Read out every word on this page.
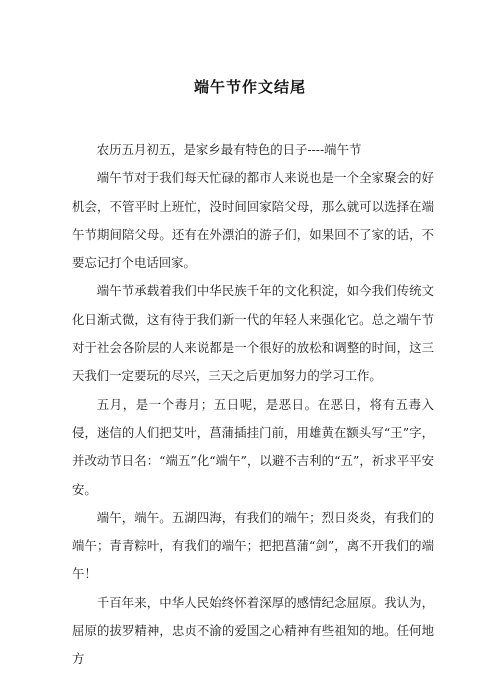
端午节作文结尾

农历五月初五，是家乡最有特色的日子----端午节

端午节对于我们每天忙碌的都市人来说也是一个全家聚会的好机会，不管平时上班忙，没时间回家陪父母，那么就可以选择在端午节期间陪父母。还有在外漂泊的游子们，如果回不了家的话，不要忘记打个电话回家。

端午节承载着我们中华民族千年的文化积淀，如今我们传统文化日渐式微，这有待于我们新一代的年轻人来强化它。总之端午节对于社会各阶层的人来说都是一个很好的放松和调整的时间，这三天我们一定要玩的尽兴，三天之后更加努力的学习工作。

五月，是一个毒月；五日呢，是恶日。在恶日，将有五毒入侵，迷信的人们把艾叶，菖蒲插挂门前，用雄黄在额头写“王”字，并改动节日名：“端五”化“端午”，以避不吉利的“五”，祈求平平安安。

端午，端午。五湖四海，有我们的端午；烈日炎炎，有我们的端午；青青粽叶，有我们的端午；把把菖蒲“剑”，离不开我们的端午！

千百年来，中华人民始终怀着深厚的感情纪念屈原。我认为，屈原的拔罗精神，忠贞不渝的爱国之心精神有些祖知的地。任何地方
